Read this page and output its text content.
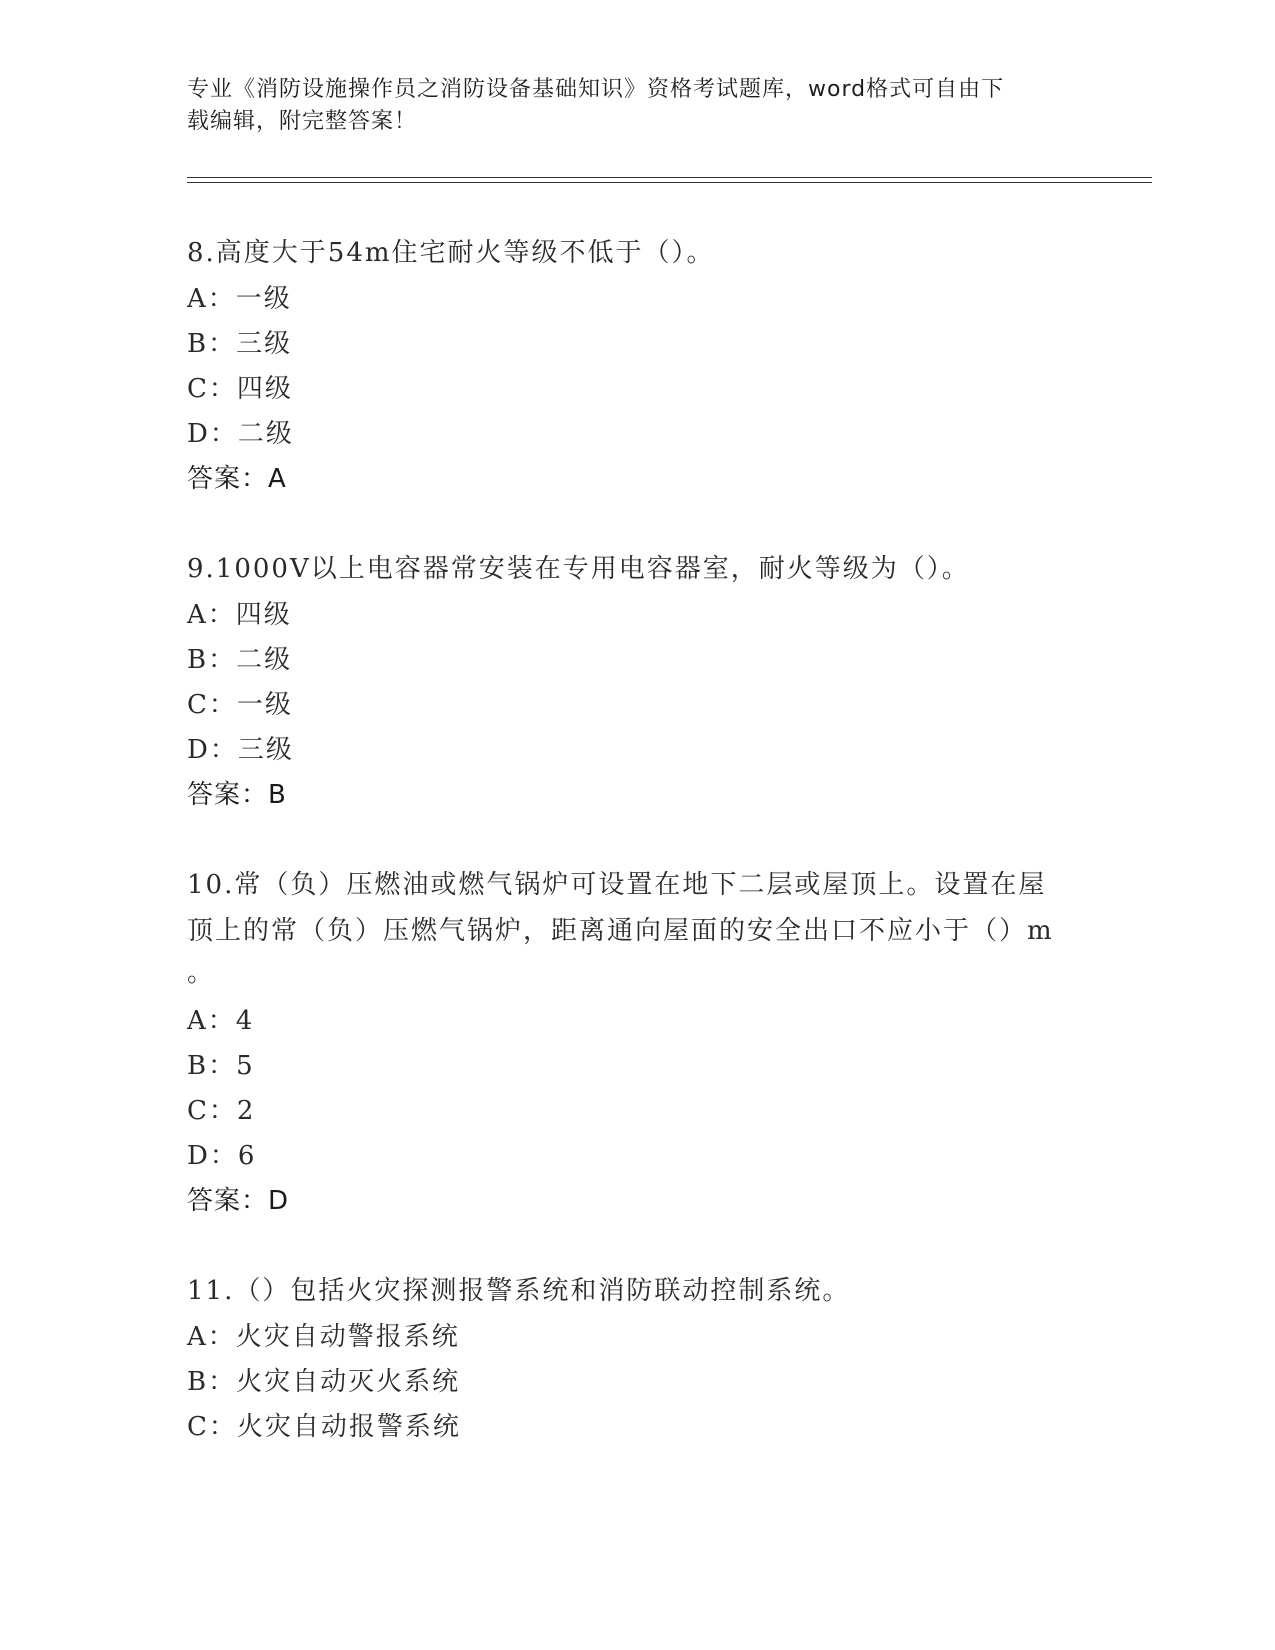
专业《消防设施操作员之消防设备基础知识》资格考试题库，word格式可自由下
载编辑，附完整答案！
8.高度大于54m住宅耐火等级不低于（）。
A：一级
B：三级
C：四级
D：二级
答案：A
9.1000V以上电容器常安装在专用电容器室，耐火等级为（）。
A：四级
B：二级
C：一级
D：三级
答案：B
10.常（负）压燃油或燃气锅炉可设置在地下二层或屋顶上。设置在屋
顶上的常（负）压燃气锅炉，距离通向屋面的安全出口不应小于（）m
。
A：4
B：5
C：2
D：6
答案：D
11.（）包括火灾探测报警系统和消防联动控制系统。
A：火灾自动警报系统
B：火灾自动灭火系统
C：火灾自动报警系统
